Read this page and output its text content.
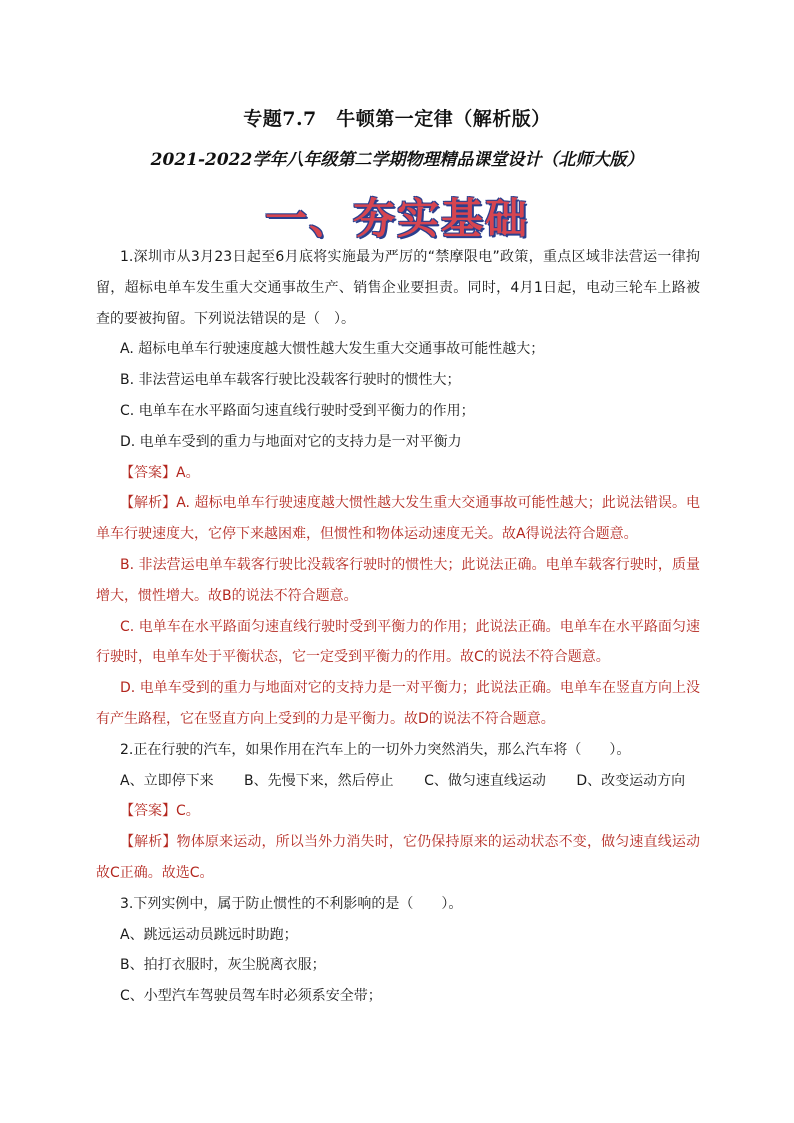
专题7.7　牛顿第一定律（解析版）
2021-2022学年八年级第二学期物理精品课堂设计（北师大版）
一、夯实基础

1.深圳市从3月23日起至6月底将实施最为严厉的“禁摩限电”政策，重点区域非法营运一律拘留，超标电单车发生重大交通事故生产、销售企业要担责。同时，4月1日起，电动三轮车上路被查的要被拘留。下列说法错误的是（　）。

A. 超标电单车行驶速度越大惯性越大发生重大交通事故可能性越大；

B. 非法营运电单车载客行驶比没载客行驶时的惯性大；

C. 电单车在水平路面匀速直线行驶时受到平衡力的作用；

D. 电单车受到的重力与地面对它的支持力是一对平衡力

【答案】A。

【解析】A. 超标电单车行驶速度越大惯性越大发生重大交通事故可能性越大；此说法错误。电单车行驶速度大，它停下来越困难，但惯性和物体运动速度无关。故A得说法符合题意。

B. 非法营运电单车载客行驶比没载客行驶时的惯性大；此说法正确。电单车载客行驶时，质量增大，惯性增大。故B的说法不符合题意。

C. 电单车在水平路面匀速直线行驶时受到平衡力的作用；此说法正确。电单车在水平路面匀速行驶时，电单车处于平衡状态，它一定受到平衡力的作用。故C的说法不符合题意。

D. 电单车受到的重力与地面对它的支持力是一对平衡力；此说法正确。电单车在竖直方向上没有产生路程，它在竖直方向上受到的力是平衡力。故D的说法不符合题意。

2.正在行驶的汽车，如果作用在汽车上的一切外力突然消失，那么汽车将（　　）。

A、立即停下来 B、先慢下来，然后停止 C、做匀速直线运动 D、改变运动方向

【答案】C。

【解析】物体原来运动，所以当外力消失时，它仍保持原来的运动状态不变，做匀速直线运动故C正确。故选C。

3.下列实例中，属于防止惯性的不利影响的是（　　）。

A、跳远运动员跳远时助跑；

B、拍打衣服时，灰尘脱离衣服；

C、小型汽车驾驶员驾车时必须系安全带；
